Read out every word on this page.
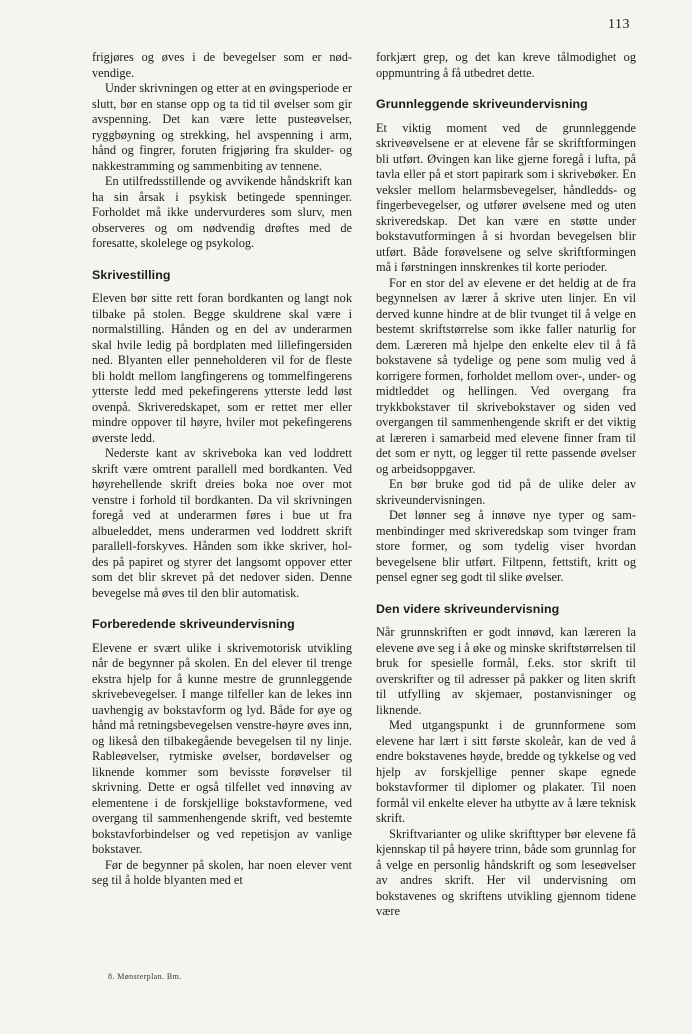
113

frigjøres og øves i de bevegelser som er nødvendige.

Under skrivningen og etter at en øvingsperiode er slutt, bør en stanse opp og ta tid til øvelser som gir avspenning. Det kan være lette pusteøvelser, ryggbøyning og strekking, hel avspenning i arm, hånd og fingrer, foruten frigjøring fra skulder- og nakkestramming og sammenbiting av tennene.

En utilfredsstillende og avvikende håndskrift kan ha sin årsak i psykisk betingede spenninger. Forholdet må ikke undervurderes som slurv, men observeres og om nødvendig drøftes med de foresatte, skolelege og psykolog.

Skrivestilling

Eleven bør sitte rett foran bordkanten og langt nok tilbake på stolen. Begge skuldrene skal være i normalstilling. Hånden og en del av underarmen skal hvile ledig på bordplaten med lillefingersiden ned. Blyanten eller penneholderen vil for de fleste bli holdt mellom langfingerens og tommelfingerens ytterste ledd med pekefingerens ytterste ledd løst ovenpå. Skriveredskapet, som er rettet mer eller mindre oppover til høyre, hviler mot pekefingerens øverste ledd.

Nederste kant av skriveboka kan ved loddrett skrift være omtrent parallell med bordkanten. Ved høyrehellende skrift dreies boka noe over mot venstre i forhold til bordkanten. Da vil skrivningen foregå ved at underarmen føres i bue ut fra albueleddet, mens underarmen ved loddrett skrift parallell-forskyves. Hånden som ikke skriver, holdes på papiret og styrer det langsomt oppover etter som det blir skrevet på det nedover siden. Denne bevegelse må øves til den blir automatisk.

Forberedende skriveundervisning

Elevene er svært ulike i skrivemotorisk utvikling når de begynner på skolen. En del elever til trenge ekstra hjelp for å kunne mestre de grunnleggende skrivebevegelser. I mange tilfeller kan de lekes inn uavhengig av bokstavform og lyd. Både for øye og hånd må retningsbevegelsen venstre-høyre øves inn, og likeså den tilbakegående bevegelsen til ny linje. Rableøvelser, rytmiske øvelser, bordøvelser og liknende kommer som bevisste forøvelser til skrivning. Dette er også tilfellet ved innøving av elementene i de forskjellige bokstavformene, ved overgang til sammenhengende skrift, ved bestemte bokstavforbindelser og ved repetisjon av vanlige bokstaver.

Før de begynner på skolen, har noen elever vent seg til å holde blyanten med et

forkjært grep, og det kan kreve tålmodighet og oppmuntring å få utbedret dette.

Grunnleggende skriveundervisning

Et viktig moment ved de grunnleggende skriveøvelsene er at elevene får se skriftformingen bli utført. Øvingen kan like gjerne foregå i lufta, på tavla eller på et stort papirark som i skrivebøker. En veksler mellom helarmsbevegelser, håndledds- og fingerbevegelser, og utfører øvelsene med og uten skriveredskap. Det kan være en støtte under bokstavutformingen å si hvordan bevegelsen blir utført. Både forøvelsene og selve skriftformingen må i førstningen innskrenkes til korte perioder.

For en stor del av elevene er det heldig at de fra begynnelsen av lærer å skrive uten linjer. En vil derved kunne hindre at de blir tvunget til å velge en bestemt skriftstørrelse som ikke faller naturlig for dem. Læreren må hjelpe den enkelte elev til å få bokstavene så tydelige og pene som mulig ved å korrigere formen, forholdet mellom over-, under- og midtleddet og hellingen. Ved overgang fra trykkbokstaver til skrivebokstaver og siden ved overgangen til sammenhengende skrift er det viktig at læreren i samarbeid med elevene finner fram til det som er nytt, og legger til rette passende øvelser og arbeidsoppgaver.

En bør bruke god tid på de ulike deler av skriveundervisningen.

Det lønner seg å innøve nye typer og sammenbindinger med skriveredskap som tvinger fram store former, og som tydelig viser hvordan bevegelsene blir utført. Filtpenn, fettstift, kritt og pensel egner seg godt til slike øvelser.

Den videre skriveundervisning

Når grunnskriften er godt innøvd, kan læreren la elevene øve seg i å øke og minske skriftstørrelsen til bruk for spesielle formål, f.eks. stor skrift til overskrifter og til adresser på pakker og liten skrift til utfylling av skjemaer, postanvisninger og liknende.

Med utgangspunkt i de grunnformene som elevene har lært i sitt første skoleår, kan de ved å endre bokstavenes høyde, bredde og tykkelse og ved hjelp av forskjellige penner skape egnede bokstavformer til diplomer og plakater. Til noen formål vil enkelte elever ha utbytte av å lære teknisk skrift.

Skriftvarianter og ulike skrifttyper bør elevene få kjennskap til på høyere trinn, både som grunnlag for å velge en personlig håndskrift og som leseøvelser av andres skrift. Her vil undervisning om bokstavenes og skriftens utvikling gjennom tidene være

8. Mønsterplan. Bm.
